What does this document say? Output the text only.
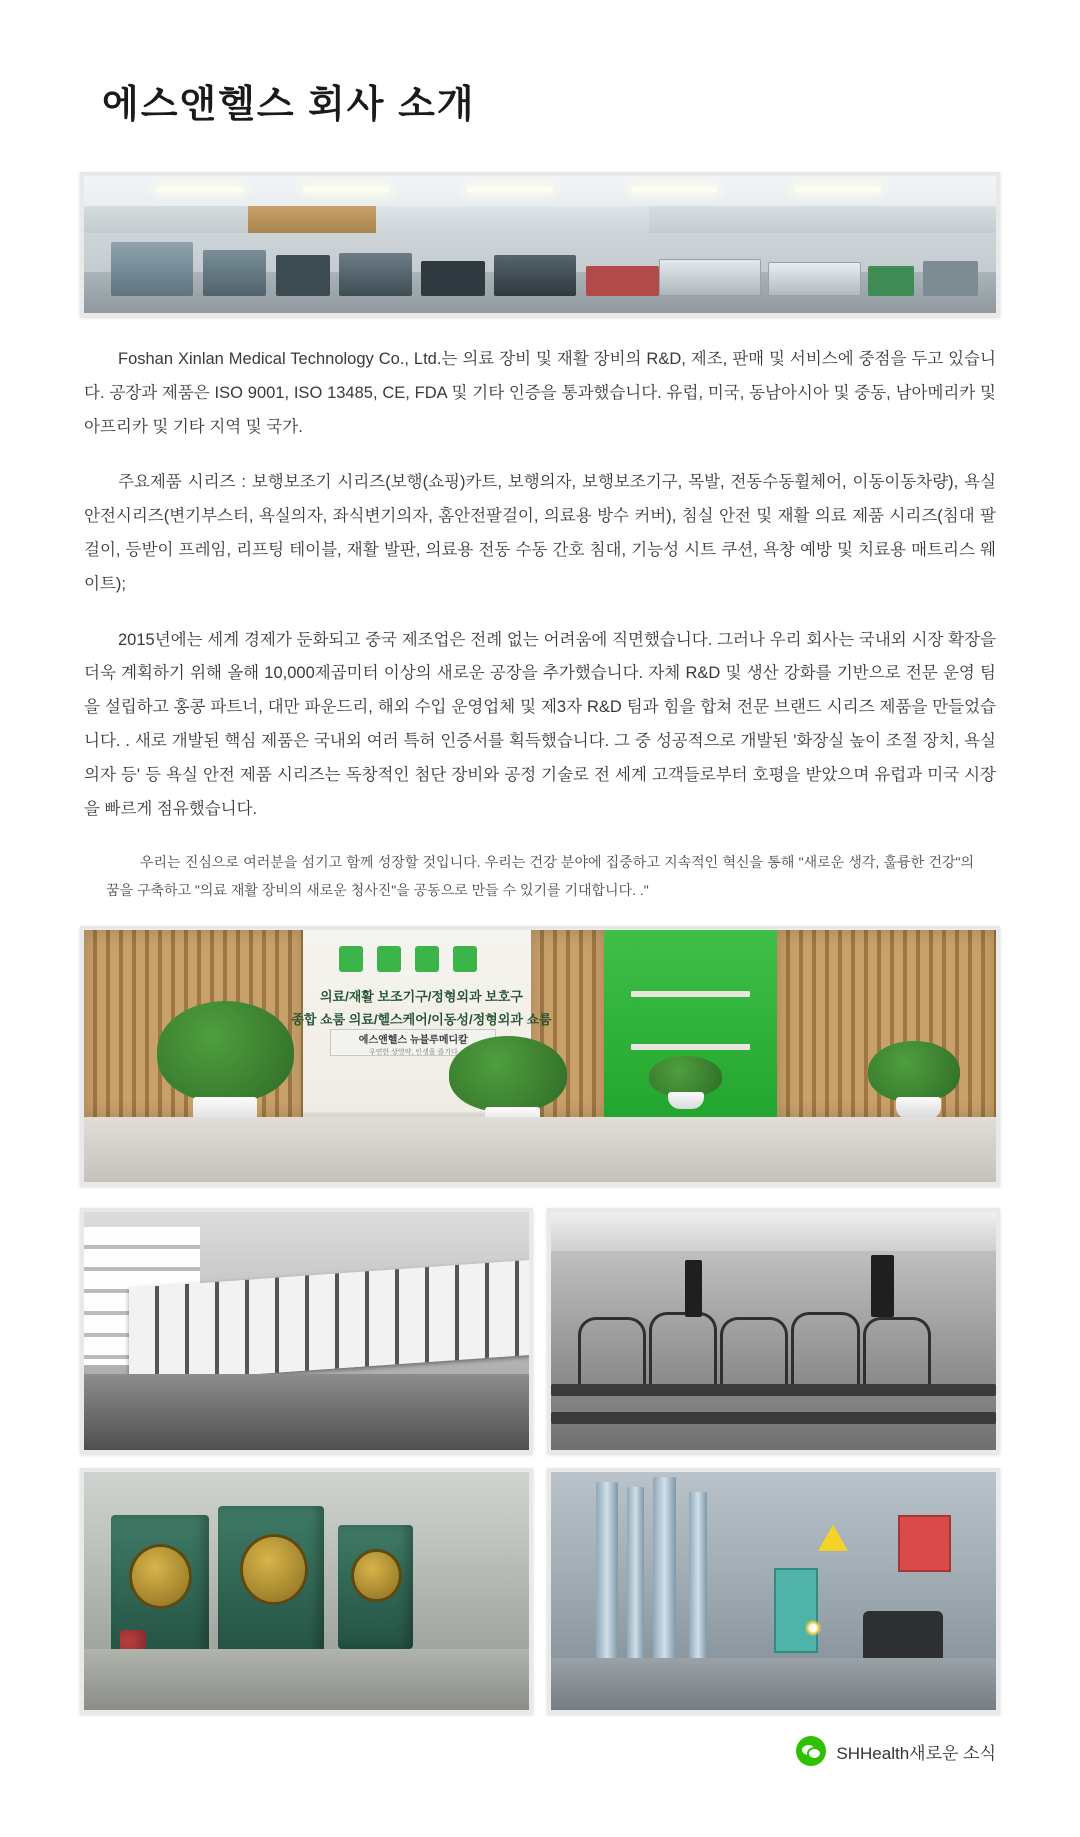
에스앤헬스 회사 소개

Foshan Xinlan Medical Technology Co., Ltd.는 의료 장비 및 재활 장비의 R&D, 제조, 판매 및 서비스에 중점을 두고 있습니다. 공장과 제품은 ISO 9001, ISO 13485, CE, FDA 및 기타 인증을 통과했습니다. 유럽, 미국, 동남아시아 및 중동, 남아메리카 및 아프리카 및 기타 지역 및 국가.

주요제품 시리즈 : 보행보조기 시리즈(보행(쇼핑)카트, 보행의자, 보행보조기구, 목발, 전동수동휠체어, 이동이동차량), 욕실안전시리즈(변기부스터, 욕실의자, 좌식변기의자, 홈안전팔걸이, 의료용 방수 커버), 침실 안전 및 재활 의료 제품 시리즈(침대 팔걸이, 등받이 프레임, 리프팅 테이블, 재활 발판, 의료용 전동 수동 간호 침대, 기능성 시트 쿠션, 욕창 예방 및 치료용 매트리스 웨이트);

2015년에는 세계 경제가 둔화되고 중국 제조업은 전례 없는 어려움에 직면했습니다. 그러나 우리 회사는 국내외 시장 확장을 더욱 계획하기 위해 올해 10,000제곱미터 이상의 새로운 공장을 추가했습니다. 자체 R&D 및 생산 강화를 기반으로 전문 운영 팀을 설립하고 홍콩 파트너, 대만 파운드리, 해외 수입 운영업체 및 제3자 R&D 팀과 힘을 합쳐 전문 브랜드 시리즈 제품을 만들었습니다. . 새로 개발된 핵심 제품은 국내외 여러 특허 인증서를 획득했습니다. 그 중 성공적으로 개발된 '화장실 높이 조절 장치, 욕실 의자 등' 등 욕실 안전 제품 시리즈는 독창적인 첨단 장비와 공정 기술로 전 세계 고객들로부터 호평을 받았으며 유럽과 미국 시장을 빠르게 점유했습니다.

우리는 진심으로 여러분을 섬기고 함께 성장할 것입니다. 우리는 건강 분야에 집중하고 지속적인 혁신을 통해 "새로운 생각, 훌륭한 건강"의 꿈을 구축하고 "의료 재활 장비의 새로운 청사진"을 공동으로 만들 수 있기를 기대합니다. ."

의료/재활 보조기구/정형외과 보호구
종합 쇼룸 의료/헬스케어/이동성/정형외과 쇼룸
에스앤헬스 뉴블루메디칼
우연한 상영약, 인생을 즐기다
SHHealth새로운 소식
